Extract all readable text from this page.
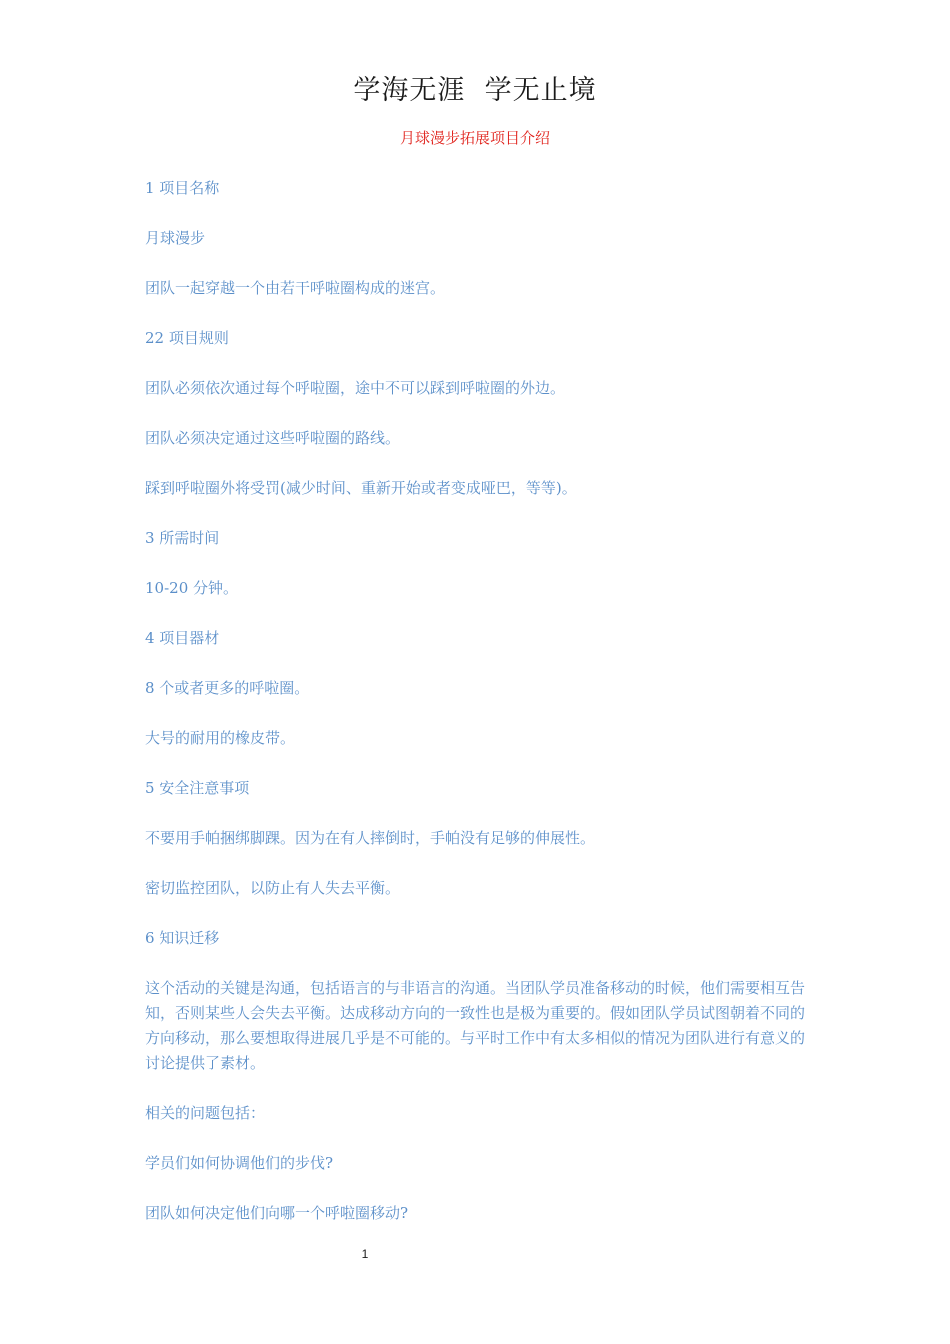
学海无涯  学无止境
月球漫步拓展项目介绍

1 项目名称

月球漫步

团队一起穿越一个由若干呼啦圈构成的迷宫。

22 项目规则

团队必须依次通过每个呼啦圈，途中不可以踩到呼啦圈的外边。

团队必须决定通过这些呼啦圈的路线。

踩到呼啦圈外将受罚(减少时间、重新开始或者变成哑巴，等等)。

3 所需时间

10-20 分钟。

4 项目器材

8 个或者更多的呼啦圈。

大号的耐用的橡皮带。

5 安全注意事项

不要用手帕捆绑脚踝。因为在有人摔倒时，手帕没有足够的伸展性。

密切监控团队，以防止有人失去平衡。

6 知识迁移

这个活动的关键是沟通，包括语言的与非语言的沟通。当团队学员准备移动的时候，他们需要相互告知，否则某些人会失去平衡。达成移动方向的一致性也是极为重要的。假如团队学员试图朝着不同的方向移动，那么要想取得进展几乎是不可能的。与平时工作中有太多相似的情况为团队进行有意义的讨论提供了素材。

相关的问题包括：

学员们如何协调他们的步伐?

团队如何决定他们向哪一个呼啦圈移动?

1
